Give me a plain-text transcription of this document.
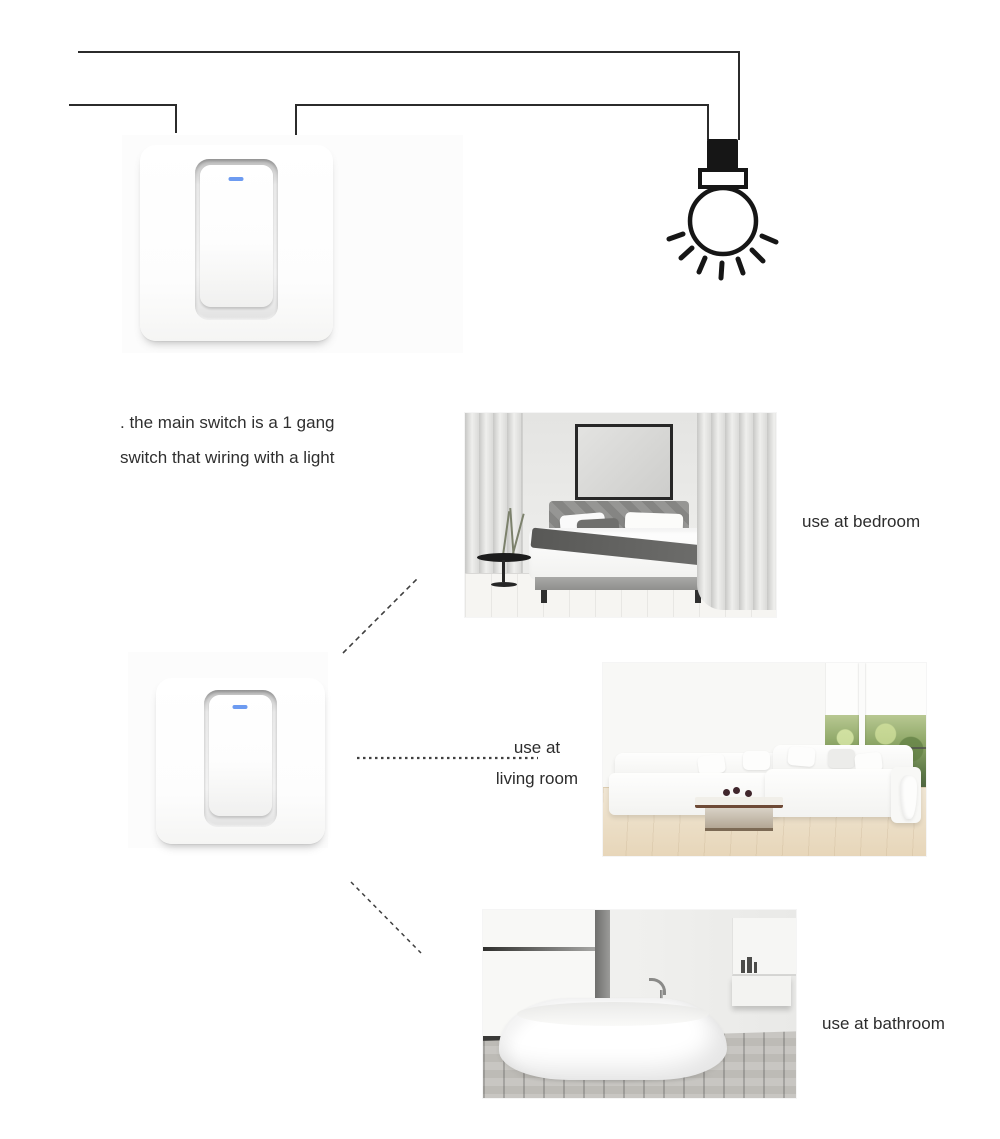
. the main switch is a 1 gang
switch that wiring with a light
use at bedroom
use at
living room
use at bathroom
